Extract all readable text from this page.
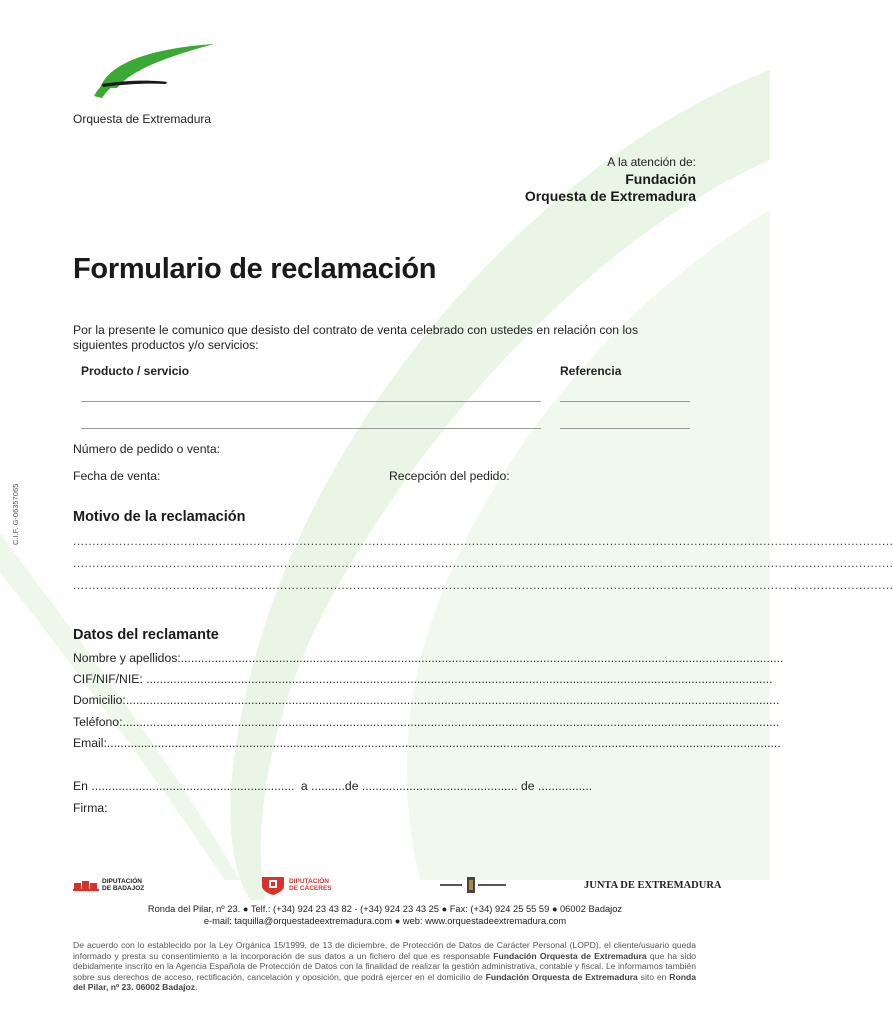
Orquesta de Extremadura
A la atención de:
Fundación
Orquesta de Extremadura
Formulario de reclamación
Por la presente le comunico que desisto del contrato de venta celebrado con ustedes en relación con los siguientes productos y/o servicios:
Producto / servicio	Referencia
Número de pedido o venta:
Fecha de venta:	Recepción del pedido:
C.I.F. G-06357065	Motivo de la reclamación
......................................................................................................................................................................................................................
......................................................................................................................................................................................................................
......................................................................................................................................................................................................................
Datos del reclamante
Nombre y apellidos:..................................................................................................................................................................................
CIF/NIF/NIE: .........................................................................................................................................................................................
Domicilio:.................................................................................................................................................................................................
Teléfono:..................................................................................................................................................................................................
Email:.......................................................................................................................................................................................................
En ............................................................ a ..........de .............................................. de ................
Firma:
DIPUTACIÓN
DE BADAJOZ
DIPUTACIÓN
DE CÁCERES	JUNTA DE EXTREMADURA
Ronda del Pilar, nº 23. ● Telf.: (+34) 924 23 43 82 - (+34) 924 23 43 25 ● Fax: (+34) 924 25 55 59 ● 06002 Badajoz
e-mail: taquilla@orquestadeextremadura.com ● web: www.orquestadeextremadura.com
De acuerdo con lo establecido por la Ley Orgánica 15/1999, de 13 de diciembre, de Protección de Datos de Carácter Personal (LOPD), el cliente/usuario queda informado y presta su consentimiento a la incorporación de sus datos a un fichero del que es responsable Fundación Orquesta de Extremadura que ha sido debidamente inscrito en la Agencia Española de Protección de Datos con la finalidad de realizar la gestión administrativa, contable y fiscal. Le informamos también sobre sus derechos de acceso, rectificación, cancelación y oposición, que podrá ejercer en el domicilio de Fundación Orquesta de Extremadura sito en Ronda del Pilar, nº 23. 06002 Badajoz.
